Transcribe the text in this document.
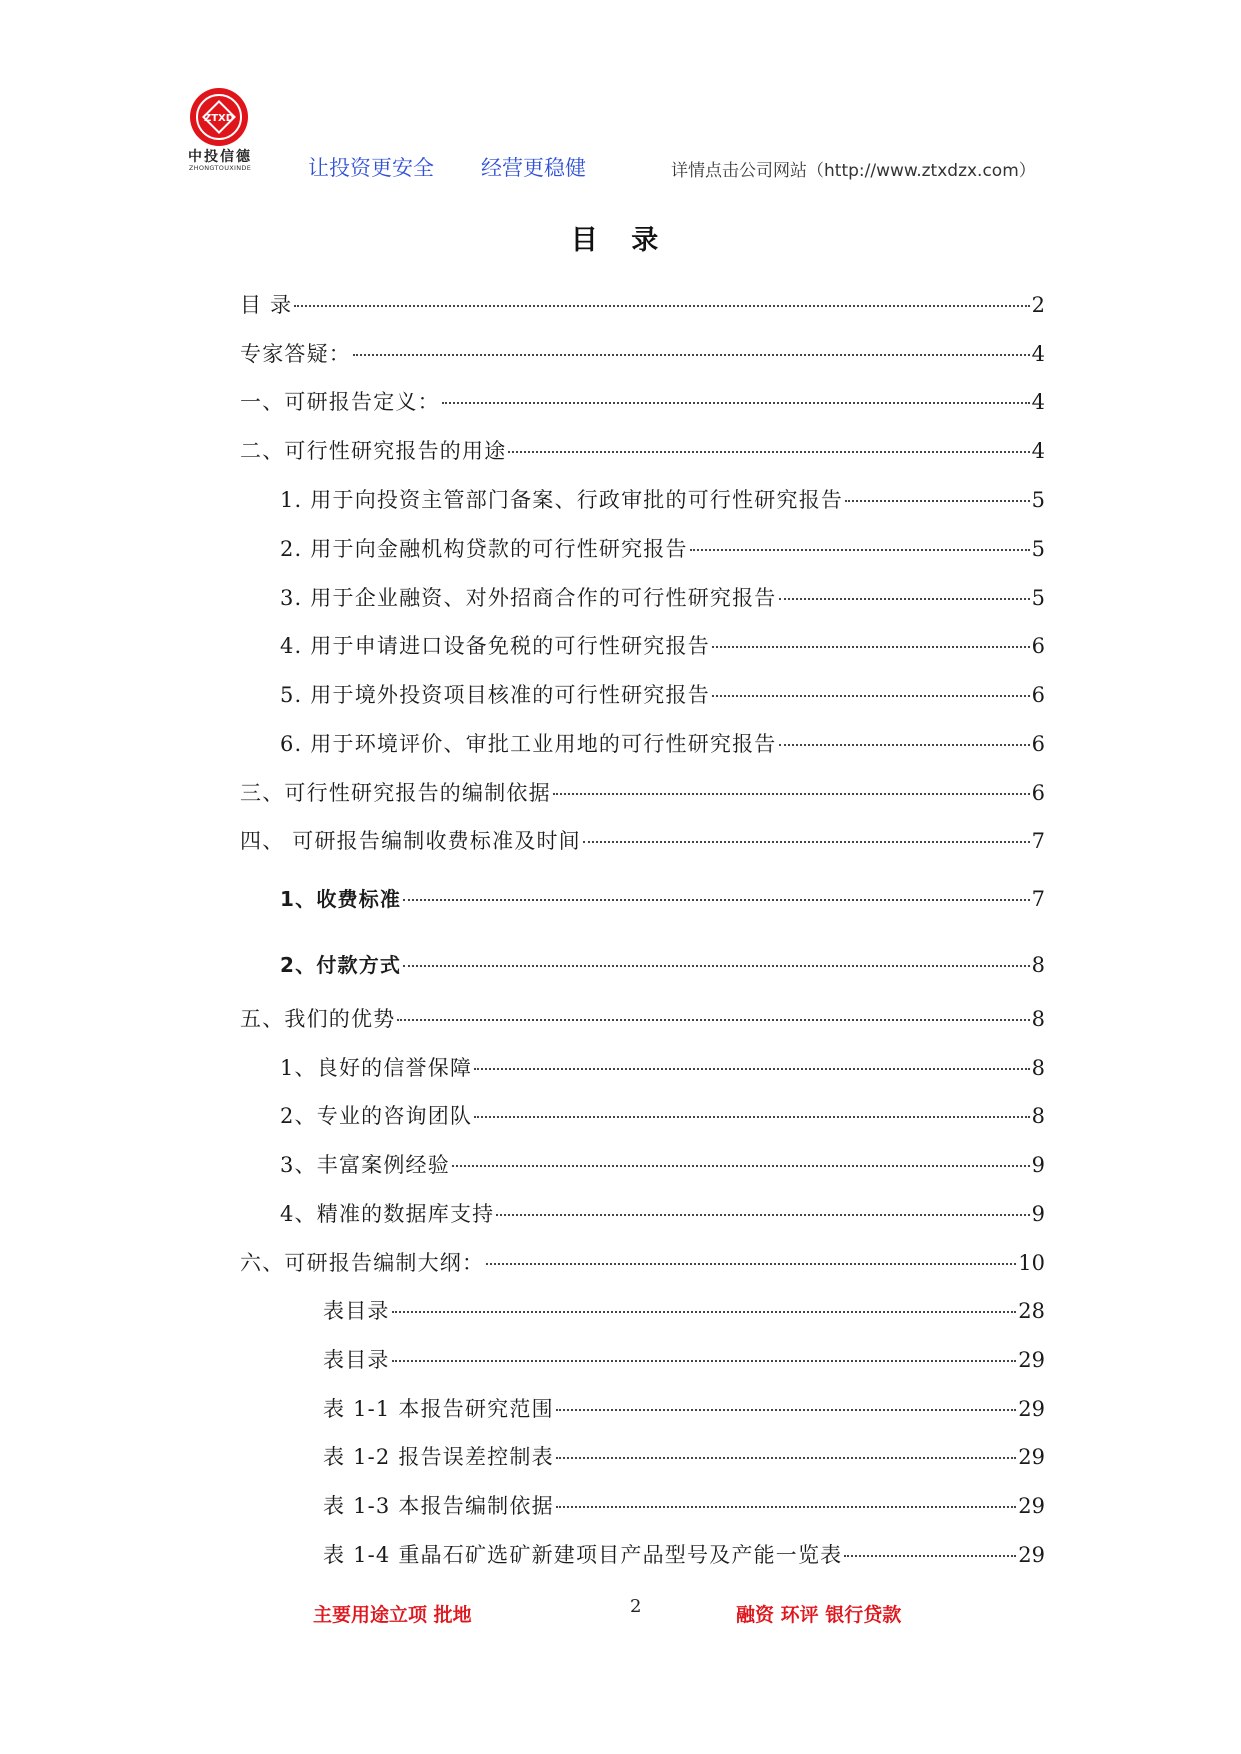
ZTXD
中投信德
ZHONGTOUXINDE	让投资更安全 经营更稳健	详情点击公司网站（http://www.ztxdzx.com）
目 录
目 录	2
专家答疑：	4
一、可研报告定义：	4
二、可行性研究报告的用途	4
1. 用于向投资主管部门备案、行政审批的可行性研究报告	5
2. 用于向金融机构贷款的可行性研究报告	5
3. 用于企业融资、对外招商合作的可行性研究报告	5
4. 用于申请进口设备免税的可行性研究报告	6
5. 用于境外投资项目核准的可行性研究报告	6
6. 用于环境评价、审批工业用地的可行性研究报告	6
三、可行性研究报告的编制依据	6
四、 可研报告编制收费标准及时间	7
1、收费标准	7
2、付款方式	8
五、我们的优势	8
1、良好的信誉保障	8
2、专业的咨询团队	8
3、丰富案例经验	9
4、精准的数据库支持	9
六、可研报告编制大纲：	10
表目录	28
表目录	29
表 1-1 本报告研究范围	29
表 1-2 报告误差控制表	29
表 1-3 本报告编制依据	29
表 1-4 重晶石矿选矿新建项目产品型号及产能一览表	29
主要用途立项 批地	2	融资 环评 银行贷款
